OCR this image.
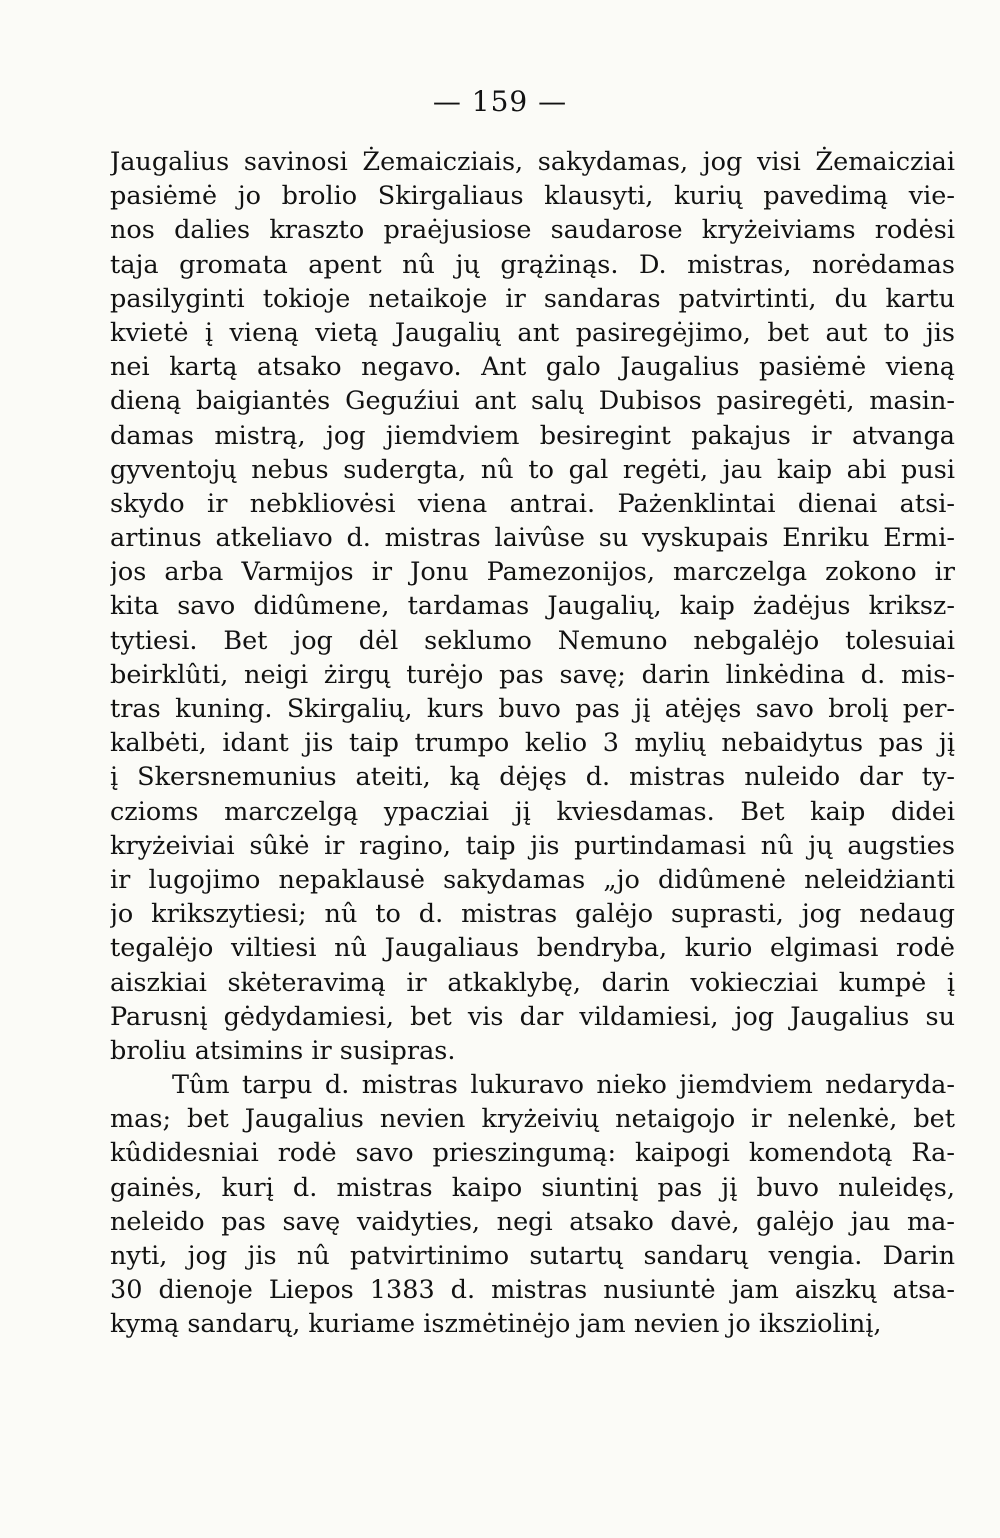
— 159 —
Jaugalius savinosi Żemaicziais, sakydamas, jog visi Żemaicziai
pasiėmė jo brolio Skirgaliaus klausyti, kurių pavedimą vie-
nos dalies kraszto praėjusiose saudarose kryżeiviams rodėsi
taja gromata apent nû jų grążinąs. D. mistras, norėdamas
pasilyginti tokioje netaikoje ir sandaras patvirtinti, du kartu
kvietė į vieną vietą Jaugalių ant pasiregėjimo, bet aut to jis
nei kartą atsako negavo. Ant galo Jaugalius pasiėmė vieną
dieną baigiantės Geguźiui ant salų Dubisos pasiregėti, masin-
damas mistrą, jog jiemdviem besiregint pakajus ir atvanga
gyventojų nebus sudergta, nû to gal regėti, jau kaip abi pusi
skydo ir nebkliovėsi viena antrai. Pażenklintai dienai atsi-
artinus atkeliavo d. mistras laivûse su vyskupais Enriku Ermi-
jos arba Varmijos ir Jonu Pamezonijos, marczelga zokono ir
kita savo didûmene, tardamas Jaugalių, kaip żadėjus kriksz-
tytiesi. Bet jog dėl seklumo Nemuno nebgalėjo tolesuiai
beirklûti, neigi żirgų turėjo pas savę; darin linkėdina d. mis-
tras kuning. Skirgalių, kurs buvo pas jį atėjęs savo brolį per-
kalbėti, idant jis taip trumpo kelio 3 mylių nebaidytus pas jį
į Skersnemunius ateiti, ką dėjęs d. mistras nuleido dar ty-
czioms marczelgą ypacziai jį kviesdamas. Bet kaip didei
kryżeiviai sûkė ir ragino, taip jis purtindamasi nû jų augsties
ir lugojimo nepaklausė sakydamas „jo didûmenė neleidżianti
jo krikszytiesi; nû to d. mistras galėjo suprasti, jog nedaug
tegalėjo viltiesi nû Jaugaliaus bendryba, kurio elgimasi rodė
aiszkiai skėteravimą ir atkaklybę, darin vokiecziai kumpė į
Parusnį gėdydamiesi, bet vis dar vildamiesi, jog Jaugalius su
broliu atsimins ir susipras.
Tûm tarpu d. mistras lukuravo nieko jiemdviem nedaryda-
mas; bet Jaugalius nevien kryżeivių netaigojo ir nelenkė, bet
kûdidesniai rodė savo prieszingumą: kaipogi komendotą Ra-
gainės, kurį d. mistras kaipo siuntinį pas jį buvo nuleidęs,
neleido pas savę vaidyties, negi atsako davė, galėjo jau ma-
nyti, jog jis nû patvirtinimo sutartų sandarų vengia. Darin
30 dienoje Liepos 1383 d. mistras nusiuntė jam aiszkų atsa-
kymą sandarų, kuriame iszmėtinėjo jam nevien jo iksziolinį,
